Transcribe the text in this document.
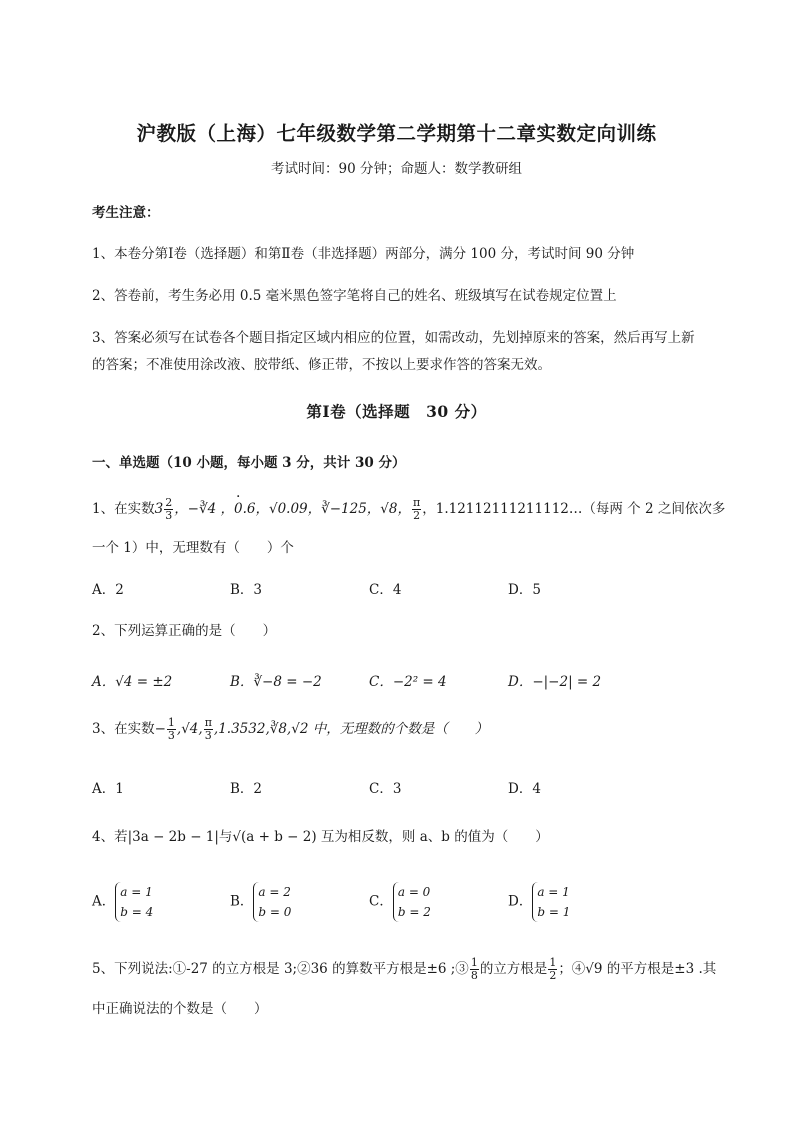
沪教版（上海）七年级数学第二学期第十二章实数定向训练
考试时间：90 分钟；命题人：数学教研组
考生注意：
1、本卷分第Ⅰ卷（选择题）和第Ⅱ卷（非选择题）两部分，满分 100 分，考试时间 90 分钟
2、答卷前，考生务必用 0.5 毫米黑色签字笔将自己的姓名、班级填写在试卷规定位置上
3、答案必须写在试卷各个题目指定区域内相应的位置，如需改动，先划掉原来的答案，然后再写上新
的答案；不准使用涂改液、胶带纸、修正带，不按以上要求作答的答案无效。
第Ⅰ卷（选择题　30 分）
一、单选题（10 小题，每小题 3 分，共计 30 分）
1、在实数$3 \frac{2}{3}$ ，−∛4 ，0.6 ·，√0.09，∛−125，√8， $\frac{\pi}{2}$ ，1.12112111211112…（每两 个 2 之间依次多
一个 1）中，无理数有（　　）个
A．2	B．3	C．4	D．5
2、下列运算正确的是（　　）
A．√4 = ±2	B．∛−8 = −2	C．−2² = 4	D．−|−2| = 2
3、在实数− $\frac{1}{3} ,√4$, $\frac{\pi}{3}$ ,1.3532,∛8,√2 中，无理数的个数是（　　）
A．1	B．2	C．3	D．4
4、若|3a − 2b − 1|与√(a + b − 2) 互为相反数，则 a、b 的值为（　　）
A．
a = 1
b = 4
B．
a = 2
b = 0
C．
a = 0
b = 2
D．
a = 1
b = 1
5、下列说法:①-27 的立方根是 3;②36 的算数平方根是±6 ;③ $\frac{1}{8}$ 的立方根是 $\frac{1}{2}$ ；④√9 的平方根是±3 .其
中正确说法的个数是（　　）
